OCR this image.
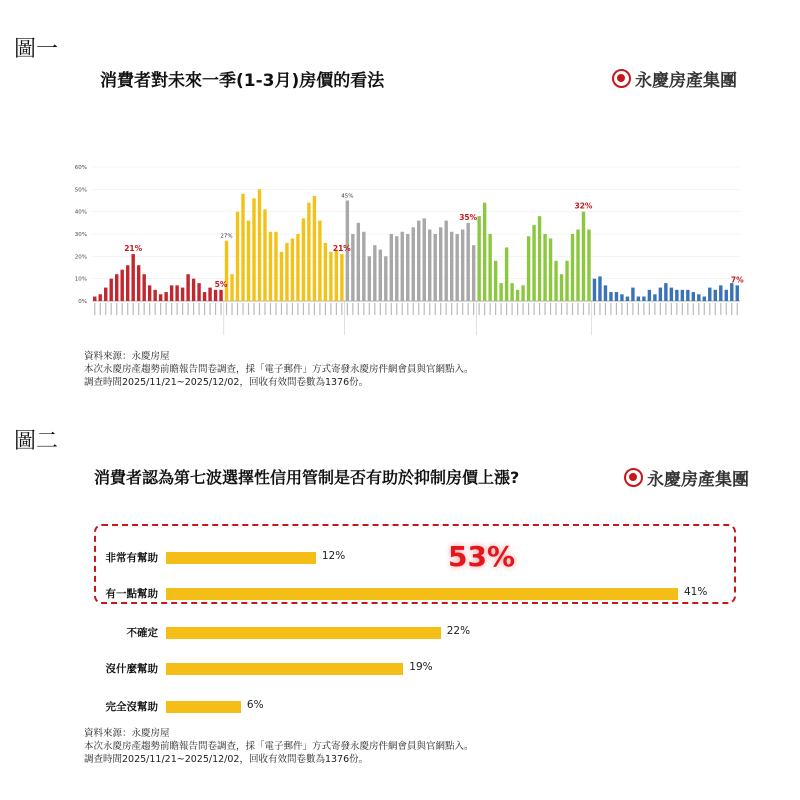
圖一
消費者對未來一季(1-3月)房價的看法	永慶房產集團
看漲：32%→26%→29%→20%→26%	持平：35%→31%→34%→30%→35%	看跌：33%→43%→37%→50%→39%
60%
50%
40%
30%
20%
10%
0%
21%
5%
27%
21%
45%
35%
32%
7%
資料來源：永慶房屋
本次永慶房產趨勢前瞻報告問卷調查，採「電子郵件」方式寄發永慶房件網會員與官網點入。
調查時間2025/11/21~2025/12/02，回收有效問卷數為1376份。
圖二
消費者認為第七波選擇性信用管制是否有助於抑制房價上漲?	永慶房產集團
53%
非常有幫助	12%
有一點幫助	41%
不確定	22%
沒什麼幫助	19%
完全沒幫助	6%
資料來源：永慶房屋
本次永慶房產趨勢前瞻報告問卷調查，採「電子郵件」方式寄發永慶房件網會員與官網點入。
調查時間2025/11/21~2025/12/02，回收有效問卷數為1376份。
